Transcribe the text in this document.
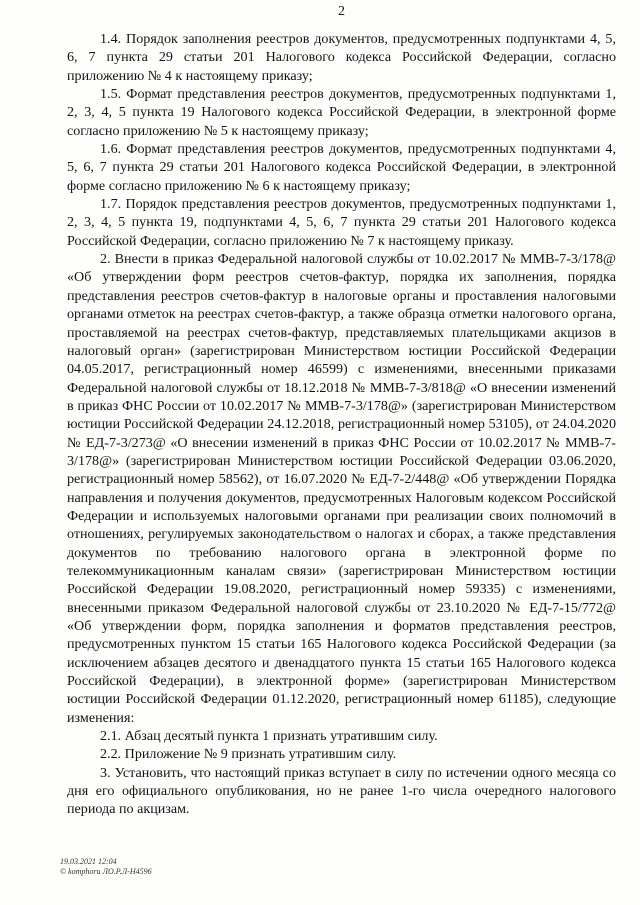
2

1.4. Порядок заполнения реестров документов, предусмотренных подпунктами 4, 5, 6, 7 пункта 29 статьи 201 Налогового кодекса Российской Федерации, согласно приложению № 4 к настоящему приказу;

1.5. Формат представления реестров документов, предусмотренных подпунктами 1, 2, 3, 4, 5 пункта 19 Налогового кодекса Российской Федерации, в электронной форме согласно приложению № 5 к настоящему приказу;

1.6. Формат представления реестров документов, предусмотренных подпунктами 4, 5, 6, 7 пункта 29 статьи 201 Налогового кодекса Российской Федерации, в электронной форме согласно приложению № 6 к настоящему приказу;

1.7. Порядок представления реестров документов, предусмотренных подпунктами 1, 2, 3, 4, 5 пункта 19, подпунктами 4, 5, 6, 7 пункта 29 статьи 201 Налогового кодекса Российской Федерации, согласно приложению № 7 к настоящему приказу.

2. Внести в приказ Федеральной налоговой службы от 10.02.2017 № ММВ-7-3/178@ «Об утверждении форм реестров счетов-фактур, порядка их заполнения, порядка представления реестров счетов-фактур в налоговые органы и проставления налоговыми органами отметок на реестрах счетов-фактур, а также образца отметки налогового органа, проставляемой на реестрах счетов-фактур, представляемых плательщиками акцизов в налоговый орган» (зарегистрирован Министерством юстиции Российской Федерации 04.05.2017, регистрационный номер 46599) с изменениями, внесенными приказами Федеральной налоговой службы от 18.12.2018 № ММВ-7-3/818@ «О внесении изменений в приказ ФНС России от 10.02.2017 № ММВ-7-3/178@» (зарегистрирован Министерством юстиции Российской Федерации 24.12.2018, регистрационный номер 53105), от 24.04.2020 № ЕД-7-3/273@ «О внесении изменений в приказ ФНС России от 10.02.2017 № ММВ-7-3/178@» (зарегистрирован Министерством юстиции Российской Федерации 03.06.2020, регистрационный номер 58562), от 16.07.2020 № ЕД-7-2/448@ «Об утверждении Порядка направления и получения документов, предусмотренных Налоговым кодексом Российской Федерации и используемых налоговыми органами при реализации своих полномочий в отношениях, регулируемых законодательством о налогах и сборах, а также представления документов по требованию налогового органа в электронной форме по телекоммуникационным каналам связи» (зарегистрирован Министерством юстиции Российской Федерации 19.08.2020, регистрационный номер 59335) с изменениями, внесенными приказом Федеральной налоговой службы от 23.10.2020 № ЕД-7-15/772@ «Об утверждении форм, порядка заполнения и форматов представления реестров, предусмотренных пунктом 15 статьи 165 Налогового кодекса Российской Федерации (за исключением абзацев десятого и двенадцатого пункта 15 статьи 165 Налогового кодекса Российской Федерации), в электронной форме» (зарегистрирован Министерством юстиции Российской Федерации 01.12.2020, регистрационный номер 61185), следующие изменения:

2.1. Абзац десятый пункта 1 признать утратившим силу.

2.2. Приложение № 9 признать утратившим силу.

3. Установить, что настоящий приказ вступает в силу по истечении одного месяца со дня его официального опубликования, но не ранее 1-го числа очередного налогового периода по акцизам.

19.03.2021 12:04
© komphoru ЛО.Р.Л-Н4596
